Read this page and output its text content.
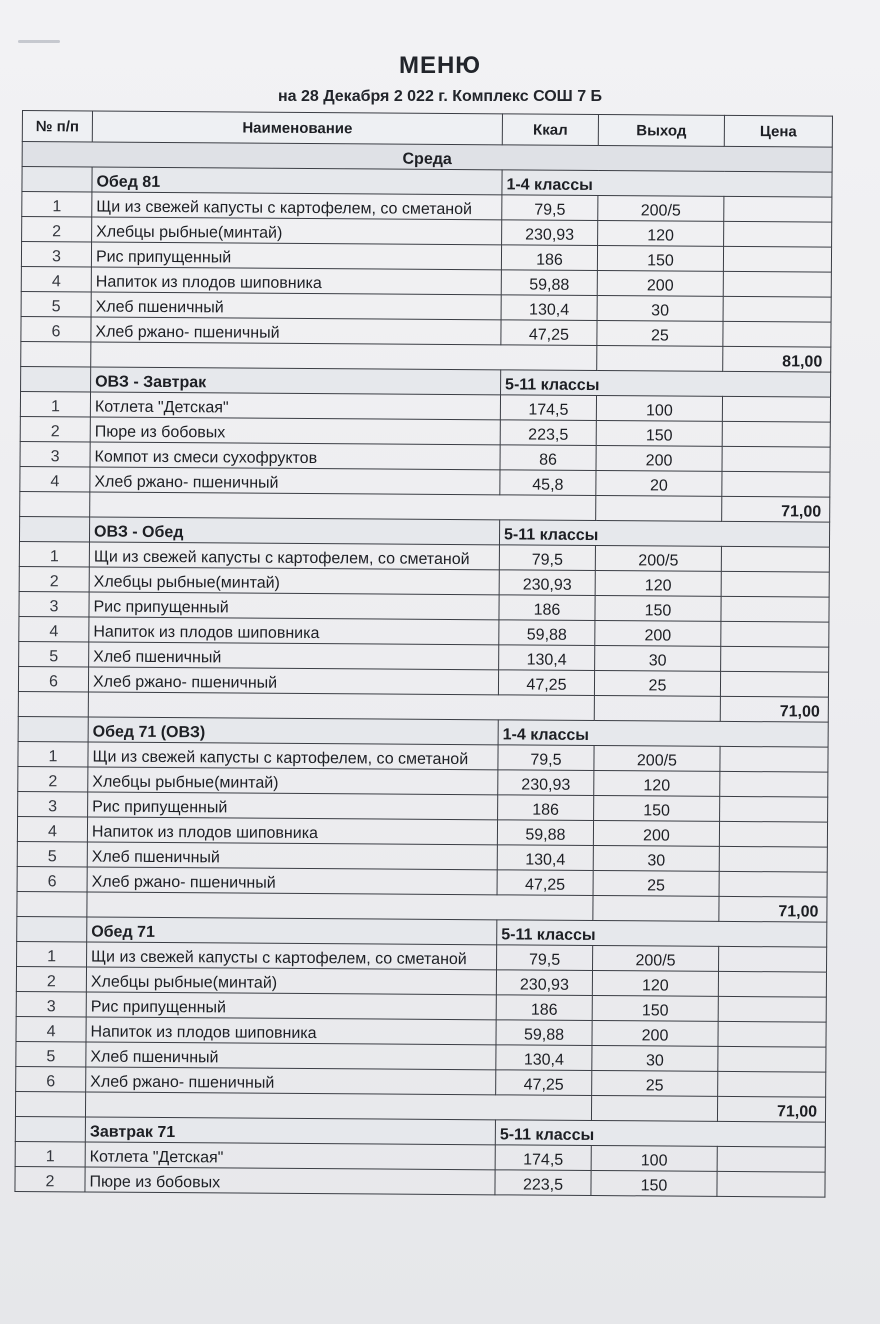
МЕНЮ
на 28 Декабря 2 022 г. Комплекс СОШ 7 Б
№ п/п	Наименование	Ккал	Выход	Цена
Среда				
	Обед 81	1-4 классы		
1	Щи из свежей капусты с картофелем, со сметаной	79,5	200/5	
2	Хлебцы рыбные(минтай)	230,93	120	
3	Рис припущенный	186	150	
4	Напиток из плодов шиповника	59,88	200	
5	Хлеб пшеничный	130,4	30	
6	Хлеб ржано- пшеничный	47,25	25	
				81,00
	ОВЗ - Завтрак	5-11 классы		
1	Котлета "Детская"	174,5	100	
2	Пюре из бобовых	223,5	150	
3	Компот из смеси сухофруктов	86	200	
4	Хлеб ржано- пшеничный	45,8	20	
				71,00
	ОВЗ - Обед	5-11 классы		
1	Щи из свежей капусты с картофелем, со сметаной	79,5	200/5	
2	Хлебцы рыбные(минтай)	230,93	120	
3	Рис припущенный	186	150	
4	Напиток из плодов шиповника	59,88	200	
5	Хлеб пшеничный	130,4	30	
6	Хлеб ржано- пшеничный	47,25	25	
				71,00
	Обед 71 (ОВЗ)	1-4 классы		
1	Щи из свежей капусты с картофелем, со сметаной	79,5	200/5	
2	Хлебцы рыбные(минтай)	230,93	120	
3	Рис припущенный	186	150	
4	Напиток из плодов шиповника	59,88	200	
5	Хлеб пшеничный	130,4	30	
6	Хлеб ржано- пшеничный	47,25	25	
				71,00
	Обед 71	5-11 классы		
1	Щи из свежей капусты с картофелем, со сметаной	79,5	200/5	
2	Хлебцы рыбные(минтай)	230,93	120	
3	Рис припущенный	186	150	
4	Напиток из плодов шиповника	59,88	200	
5	Хлеб пшеничный	130,4	30	
6	Хлеб ржано- пшеничный	47,25	25	
				71,00
	Завтрак 71	5-11 классы		
1	Котлета "Детская"	174,5	100	
2	Пюре из бобовых	223,5	150	
